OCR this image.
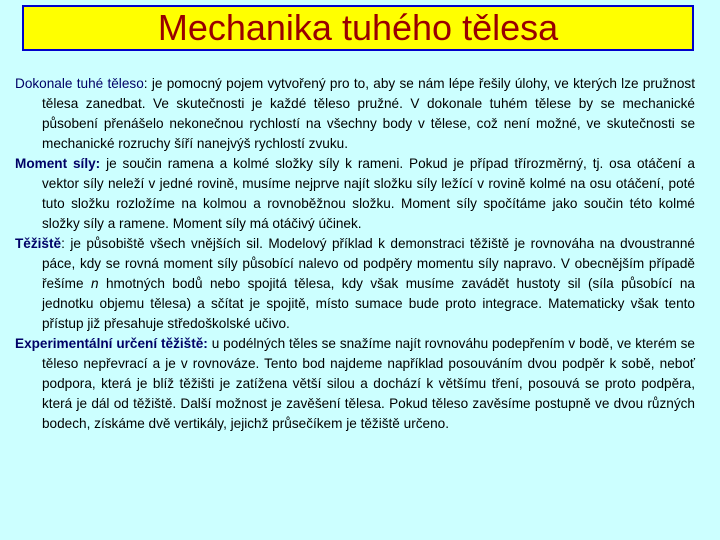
Mechanika tuhého tělesa

Dokonale tuhé těleso: je pomocný pojem vytvořený pro to, aby se nám lépe řešily úlohy, ve kterých lze pružnost tělesa zanedbat. Ve skutečnosti je každé těleso pružné. V dokonale tuhém tělese by se mechanické působení přenášelo nekonečnou rychlostí na všechny body v tělese, což není možné, ve skutečnosti se mechanické rozruchy šíří nanejvýš rychlostí zvuku.

Moment síly: je součin ramena a kolmé složky síly k rameni. Pokud je případ třírozměrný, tj. osa otáčení a vektor síly neleží v jedné rovině, musíme nejprve najít složku síly ležící v rovině kolmé na osu otáčení, poté tuto složku rozložíme na kolmou a rovnoběžnou složku. Moment síly spočítáme jako součin této kolmé složky síly a ramene. Moment síly má otáčivý účinek.

Těžiště: je působiště všech vnějších sil. Modelový příklad k demonstraci těžiště je rovnováha na dvoustranné páce, kdy se rovná moment síly působící nalevo od podpěry momentu síly napravo. V obecnějším případě řešíme n hmotných bodů nebo spojitá tělesa, kdy však musíme zavádět hustoty sil (síla působící na jednotku objemu tělesa) a sčítat je spojitě, místo sumace bude proto integrace. Matematicky však tento přístup již přesahuje středoškolské učivo.

Experimentální určení těžiště: u podélných těles se snažíme najít rovnováhu podepřením v bodě, ve kterém se těleso nepřevrací a je v rovnováze. Tento bod najdeme například posouváním dvou podpěr k sobě, neboť podpora, která je blíž těžišti je zatížena větší silou a dochází k většímu tření, posouvá se proto podpěra, která je dál od těžiště. Další možnost je zavěšení tělesa. Pokud těleso zavěsíme postupně ve dvou různých bodech, získáme dvě vertikály, jejichž průsečíkem je těžiště určeno.
